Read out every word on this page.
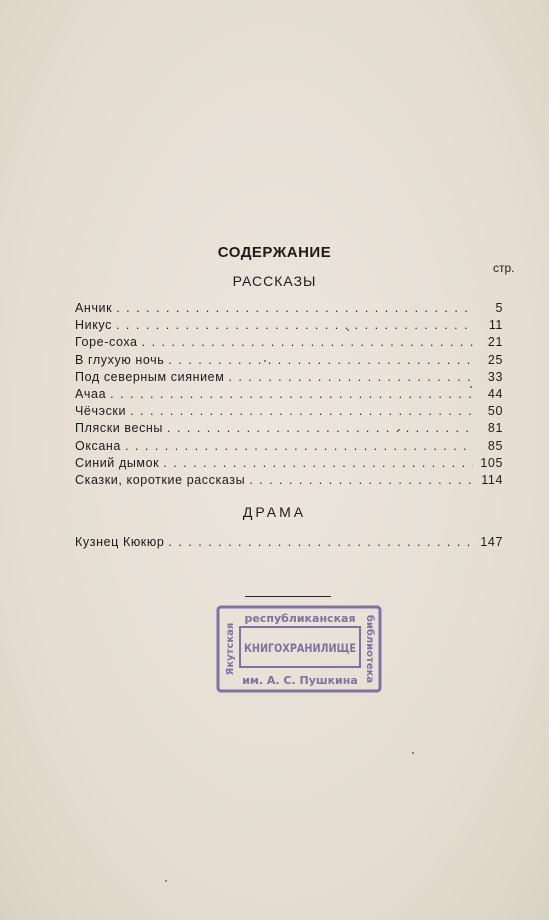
СОДЕРЖАНИЕ
стр.
РАССКАЗЫ
Анчик . . .	5
Никус . . .	11
Горе-соха . . .	21
В глухую ночь . . .	25
Под северным сиянием . . .	33
Ачаа . . .	44
Чёчэски . . .	50
Пляски весны . . .	81
Оксана . . .	85
Синий дымок . . .	105
Сказки, короткие рассказы . . .	114
ДРАМА
Кузнец Кюкюр . . .	147
республиканская
КНИГОХРАНИЛИЩЕ
им. А. С. Пушкина
Якутская	библиотека
